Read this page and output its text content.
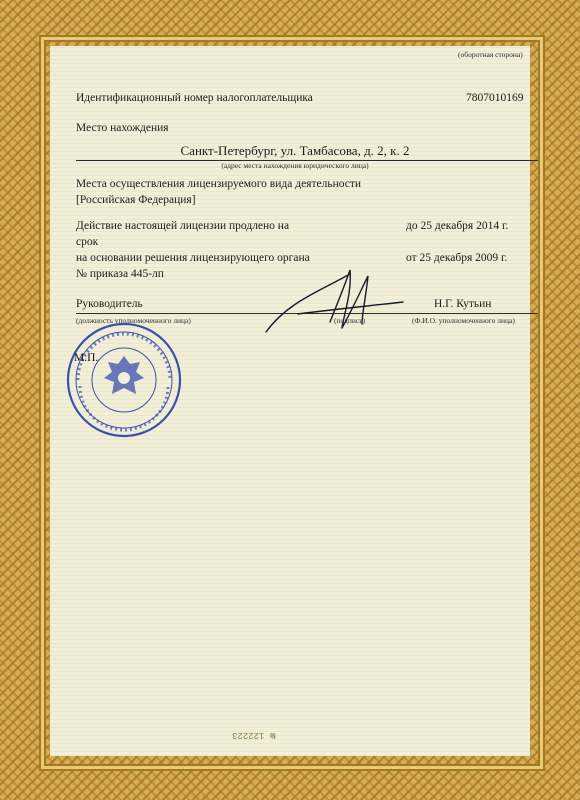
(оборотная сторона)
Идентификационный номер налогоплательщика	7807010169
Место нахождения
Санкт-Петербург, ул. Тамбасова, д. 2, к. 2
(адрес места нахождения юридического лица)
Места осуществления лицензируемого вида деятельности
[Российская Федерация]
Действие настоящей лицензии продлено на	до 25 декабря 2014 г.
срок
на основании решения лицензирующего органа	от 25 декабря 2009 г.
№ приказа 445-лп
Руководитель	Н.Г. Кутьин
(должность уполномоченного лица)	(подпись)	(Ф.И.О. уполномоченного лица)
М.П.
№ 122223
